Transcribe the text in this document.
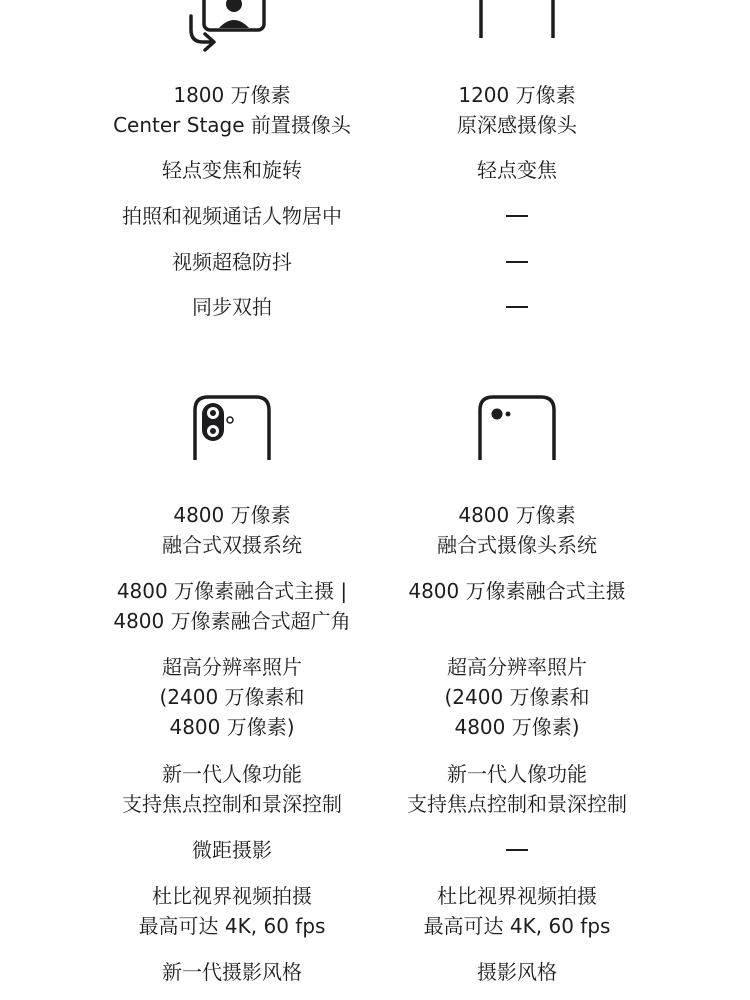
1800 万像素
Center Stage 前置摄像头
轻点变焦和旋转
拍照和视频通话人物居中
视频超稳防抖
同步双拍
4800 万像素
融合式双摄系统
4800 万像素融合式主摄 |
4800 万像素融合式超广角
超高分辨率照片
(2400 万像素和
4800 万像素)
新一代人像功能
支持焦点控制和景深控制
微距摄影
杜比视界视频拍摄
最高可达 4K, 60 fps
新一代摄影风格
1200 万像素
原深感摄像头
轻点变焦
4800 万像素
融合式摄像头系统
4800 万像素融合式主摄
超高分辨率照片
(2400 万像素和
4800 万像素)
新一代人像功能
支持焦点控制和景深控制
杜比视界视频拍摄
最高可达 4K, 60 fps
摄影风格
